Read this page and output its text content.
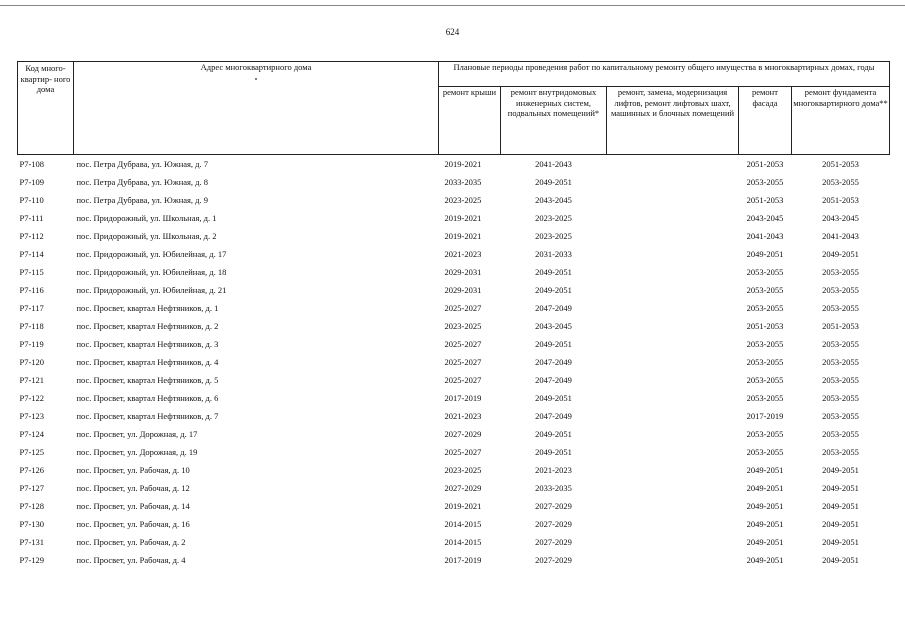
624
Код много- квартир- ного дома	Адрес многоквартирного дома	Плановые периоды проведения работ по капитальному ремонту общего имущества в многоквартирных домах, годы				
		ремонт крыши	ремонт внутридомовых инженерных систем, подвальных помещений*	ремонт, замена, модернизация лифтов, ремонт лифтовых шахт, машинных и блочных помещений	ремонт фасада	ремонт фундамента многоквартирного дома**
Р7-108	пос. Петра Дубрава, ул. Южная, д. 7	2019-2021	2041-2043		2051-2053	2051-2053
Р7-109	пос. Петра Дубрава, ул. Южная, д. 8	2033-2035	2049-2051		2053-2055	2053-2055
Р7-110	пос. Петра Дубрава, ул. Южная, д. 9	2023-2025	2043-2045		2051-2053	2051-2053
Р7-111	пос. Придорожный, ул. Школьная, д. 1	2019-2021	2023-2025		2043-2045	2043-2045
Р7-112	пос. Придорожный, ул. Школьная, д. 2	2019-2021	2023-2025		2041-2043	2041-2043
Р7-114	пос. Придорожный, ул. Юбилейная, д. 17	2021-2023	2031-2033		2049-2051	2049-2051
Р7-115	пос. Придорожный, ул. Юбилейная, д. 18	2029-2031	2049-2051		2053-2055	2053-2055
Р7-116	пос. Придорожный, ул. Юбилейная, д. 21	2029-2031	2049-2051		2053-2055	2053-2055
Р7-117	пос. Просвет, квартал Нефтяников, д. 1	2025-2027	2047-2049		2053-2055	2053-2055
Р7-118	пос. Просвет, квартал Нефтяников, д. 2	2023-2025	2043-2045		2051-2053	2051-2053
Р7-119	пос. Просвет, квартал Нефтяников, д. 3	2025-2027	2049-2051		2053-2055	2053-2055
Р7-120	пос. Просвет, квартал Нефтяников, д. 4	2025-2027	2047-2049		2053-2055	2053-2055
Р7-121	пос. Просвет, квартал Нефтяников, д. 5	2025-2027	2047-2049		2053-2055	2053-2055
Р7-122	пос. Просвет, квартал Нефтяников, д. 6	2017-2019	2049-2051		2053-2055	2053-2055
Р7-123	пос. Просвет, квартал Нефтяников, д. 7	2021-2023	2047-2049		2017-2019	2053-2055
Р7-124	пос. Просвет, ул. Дорожная, д. 17	2027-2029	2049-2051		2053-2055	2053-2055
Р7-125	пос. Просвет, ул. Дорожная, д. 19	2025-2027	2049-2051		2053-2055	2053-2055
Р7-126	пос. Просвет, ул. Рабочая, д. 10	2023-2025	2021-2023		2049-2051	2049-2051
Р7-127	пос. Просвет, ул. Рабочая, д. 12	2027-2029	2033-2035		2049-2051	2049-2051
Р7-128	пос. Просвет, ул. Рабочая, д. 14	2019-2021	2027-2029		2049-2051	2049-2051
Р7-130	пос. Просвет, ул. Рабочая, д. 16	2014-2015	2027-2029		2049-2051	2049-2051
Р7-131	пос. Просвет, ул. Рабочая, д. 2	2014-2015	2027-2029		2049-2051	2049-2051
Р7-129	пос. Просвет, ул. Рабочая, д. 4	2017-2019	2027-2029		2049-2051	2049-2051
